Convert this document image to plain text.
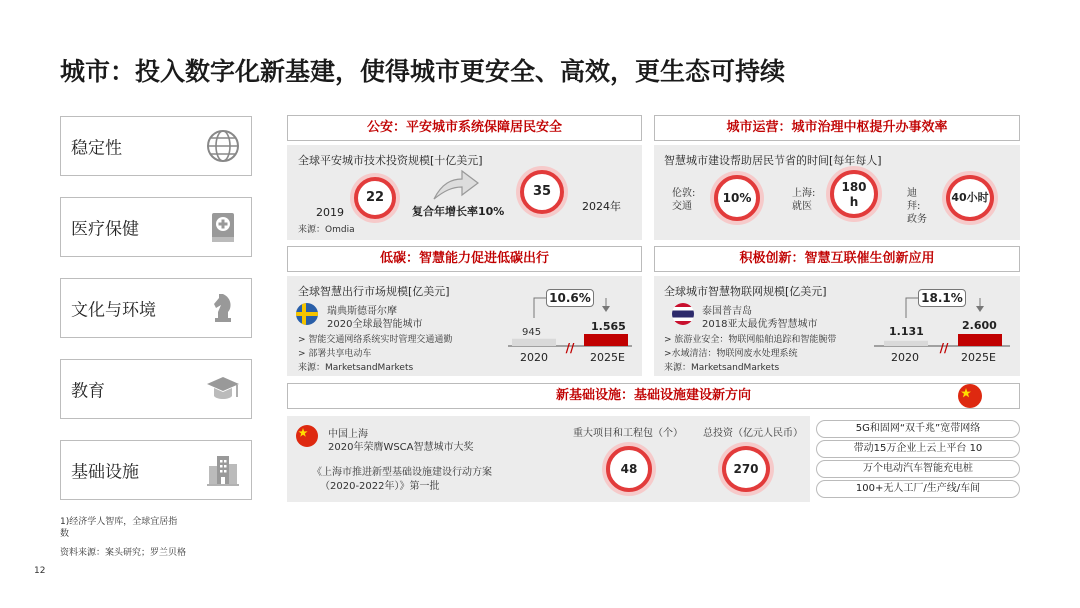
城市：投入数字化新基建，使得城市更安全、高效，更生态可持续
稳定性
医疗保健
文化与环境
教育
基础设施
1)经济学人智库，全球宜居指
数
资料来源：案头研究；罗兰贝格
12
公安：平安城市系统保障居民安全
全球平安城市技术投资规模[十亿美元]
22
2019	复合年增长率10%
35
2024年
来源：Omdia
城市运营：城市治理中枢提升办事效率
智慧城市建设帮助居民节省的时间[每年每人]
伦敦:
交通
10%	上海:
就医
180
h
迪
拜:
政务
40小时
低碳：智慧能力促进低碳出行
全球智慧出行市场规模[亿美元]
瑞典斯德哥尔摩
2020全球最智能城市
> 智能交通网络系统实时管理交通通勤
> 部署共享电动车
来源：MarketsandMarkets
//
10.6%
945	1.565
2020	2025E
积极创新：智慧互联催生创新应用
全球城市智慧物联网规模[亿美元]
泰国普吉岛
2018亚太最优秀智慧城市
> 旅游业安全：物联网船舶追踪和智能腕带
>水域清洁：物联网废水处理系统
来源：MarketsandMarkets
//
18.1%
1.131	2.600
2020	2025E
新基础设施：基础设施建设新方向
中国上海
2020年荣膺WSCA智慧城市大奖
《上海市推进新型基础设施建设行动方案
（2020-2022年）》第一批
重大项目和工程包（个）
48
总投资（亿元人民币）
270
5G和固网“双千兆”宽带网络
带动15万企业上云上平台 10
万个电动汽车智能充电桩
100+无人工厂/生产线/车间
